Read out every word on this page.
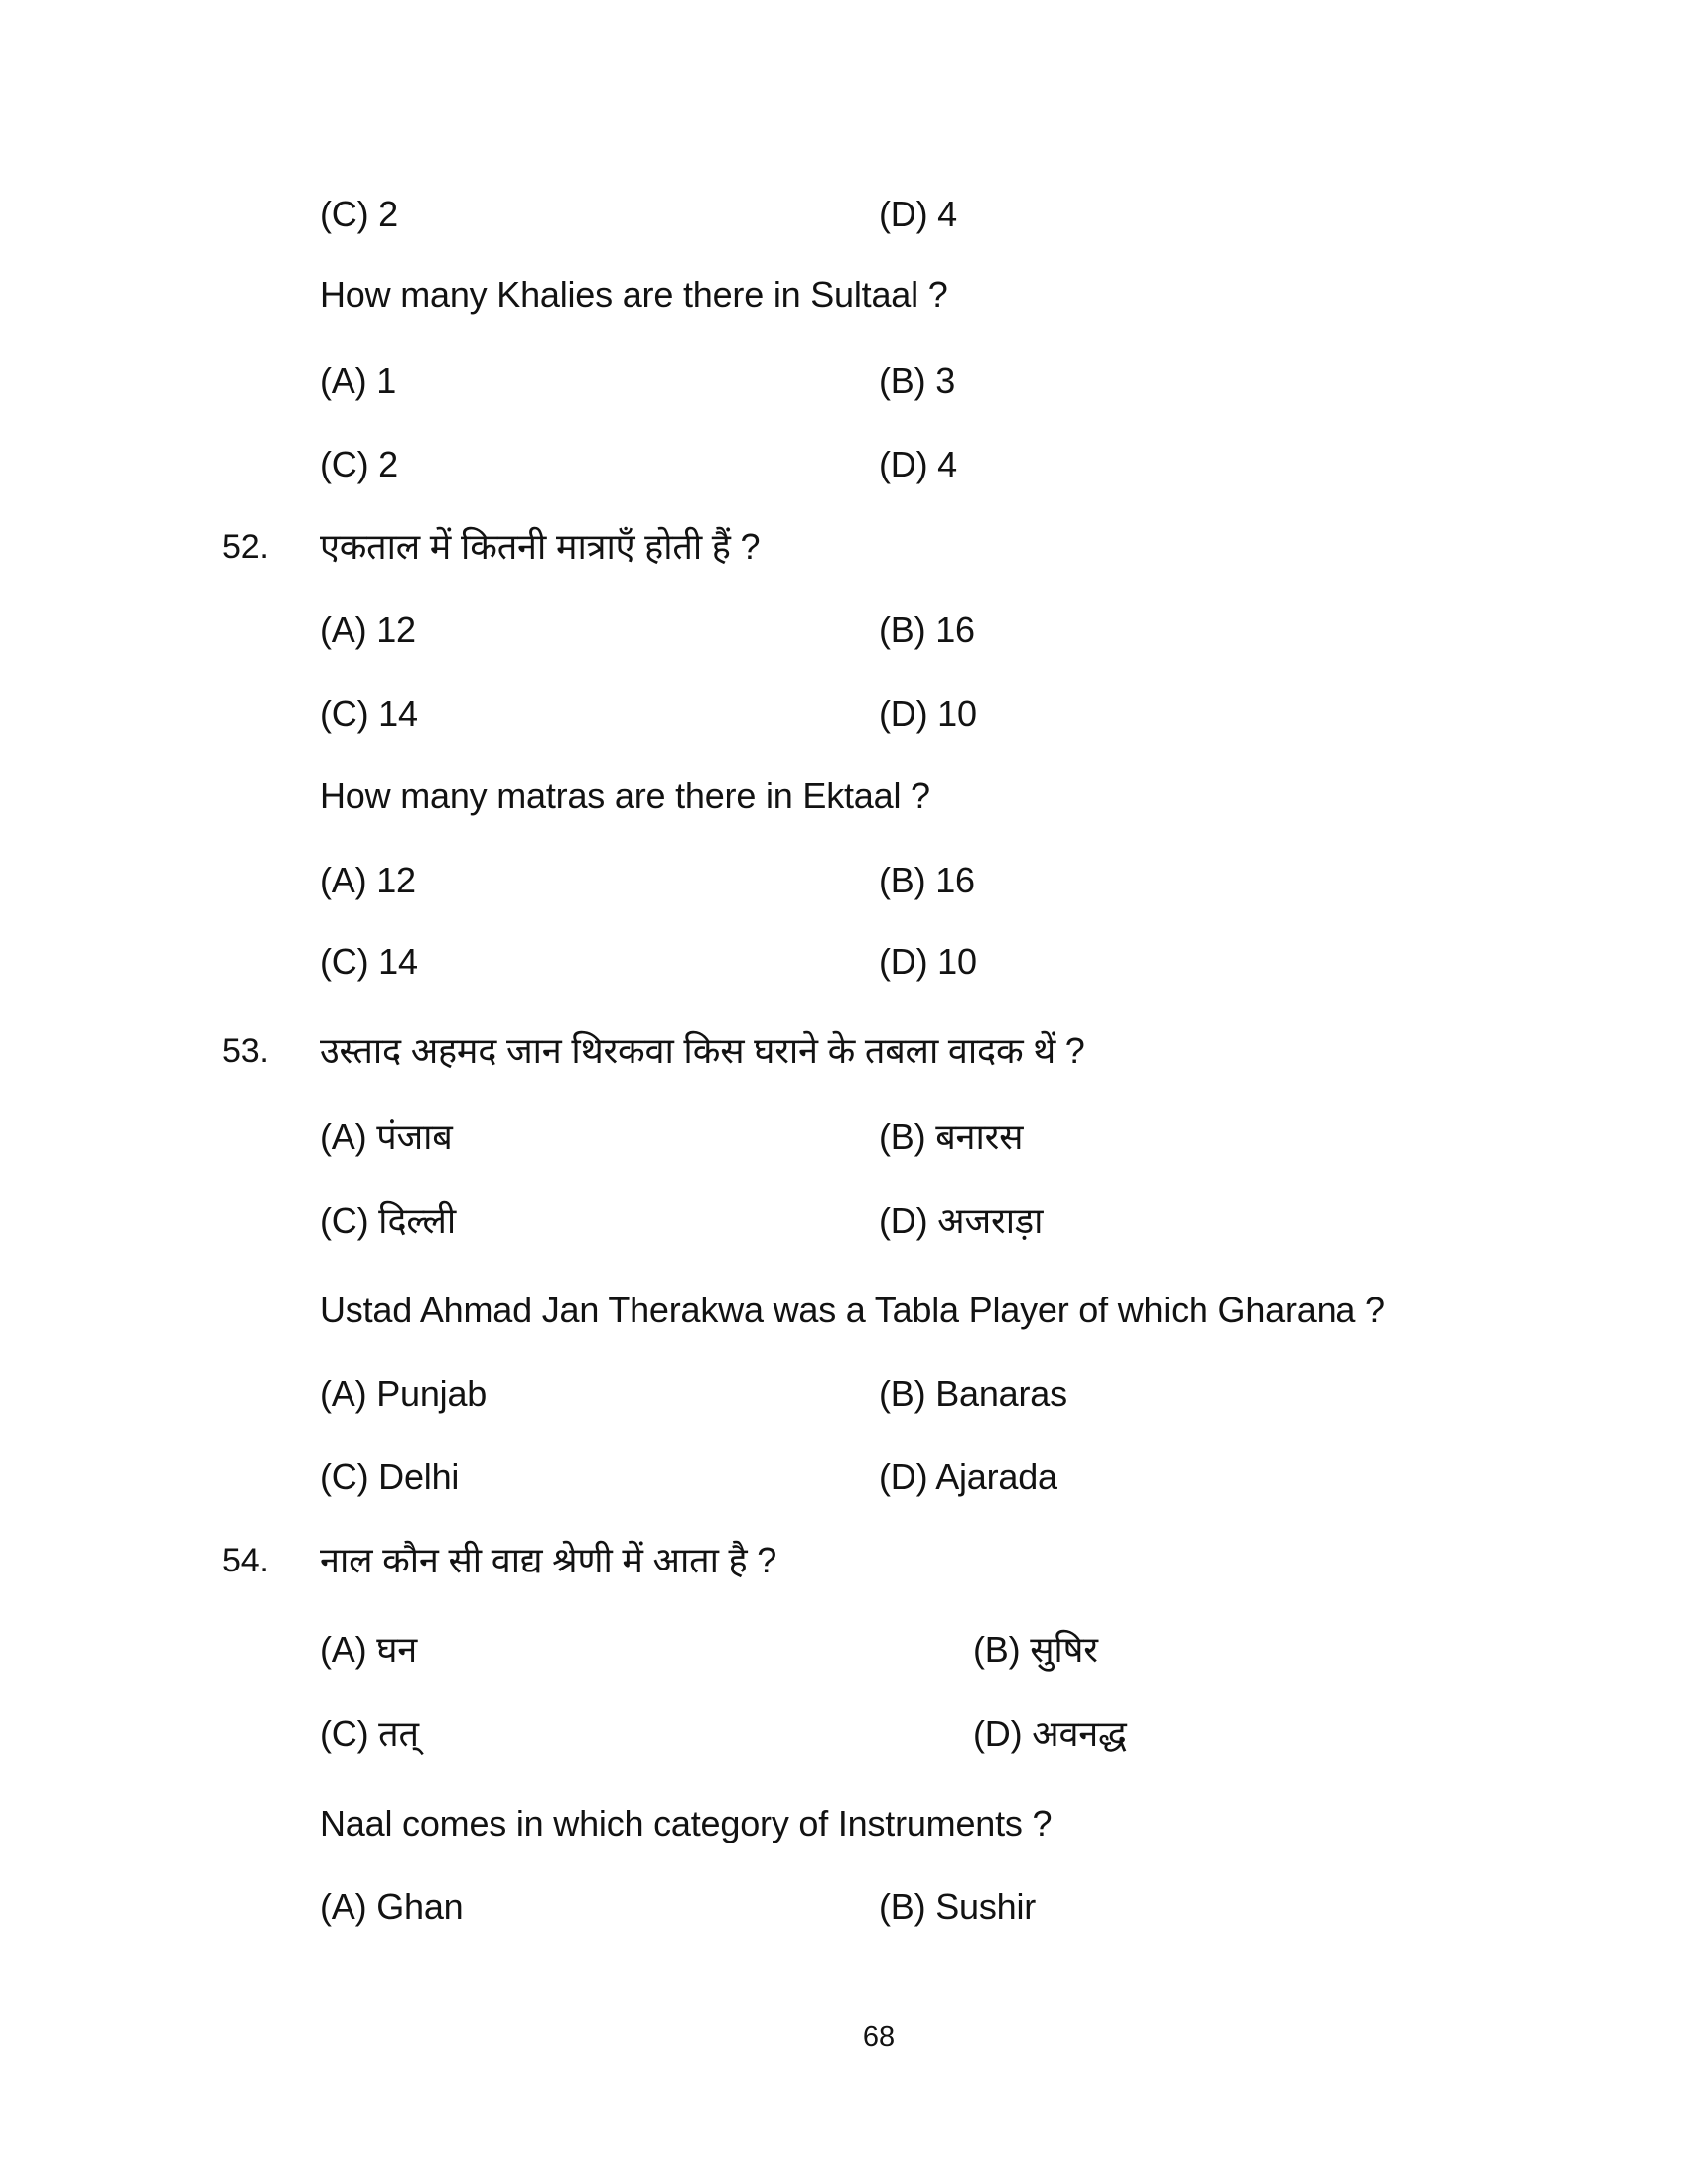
(C) 2	(D) 4
How many Khalies are there in Sultaal ?
(A) 1	(B) 3
(C) 2	(D) 4
52. एकताल में कितनी मात्राएँ होती हैं ?
(A) 12	(B) 16
(C) 14	(D) 10
How many matras are there in Ektaal ?
(A) 12	(B) 16
(C) 14	(D) 10
53. उस्ताद अहमद जान थिरकवा किस घराने के तबला वादक थें ?
(A) पंजाब	(B) बनारस
(C) दिल्ली	(D) अजराड़ा
Ustad Ahmad Jan Therakwa was a Tabla Player of which Gharana ?
(A) Punjab	(B) Banaras
(C) Delhi	(D) Ajarada
54. नाल कौन सी वाद्य श्रेणी में आता है ?
(A) घन	(B) सुषिर
(C) तत्	(D) अवनद्ध
Naal comes in which category of Instruments ?
(A) Ghan	(B) Sushir
68
